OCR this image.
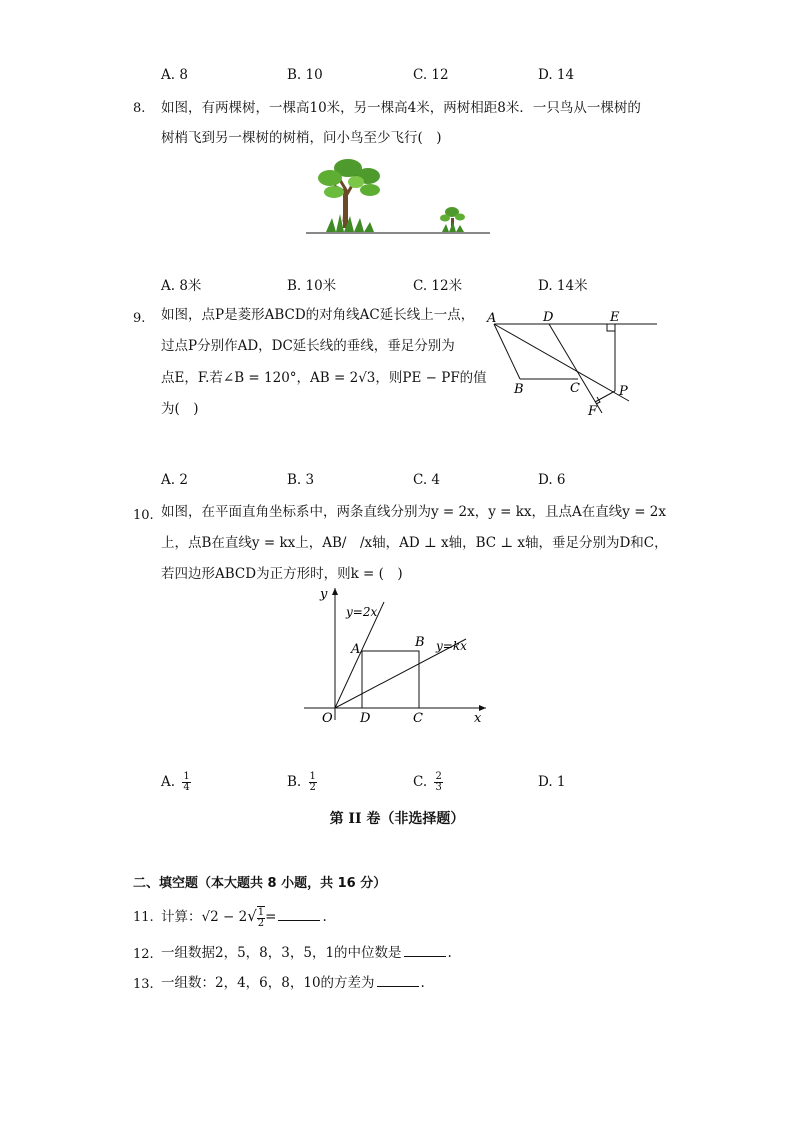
A. 8	B. 10	C. 12	D. 14
8. 如图，有两棵树，一棵高10米，另一棵高4米，两树相距8米．一只鸟从一棵树的
树梢飞到另一棵树的树梢，问小鸟至少飞行(　)
A. 8米	B. 10米	C. 12米	D. 14米
9. 如图，点P是菱形ABCD的对角线AC延长线上一点，
过点P分别作AD，DC延长线的垂线，垂足分别为
点E，F.若∠B = 120°，AB = 2√3，则PE − PF的值
为(　)
A	D	E
B	C	P
F
A. 2	B. 3	C. 4	D. 6
10. 如图，在平面直角坐标系中，两条直线分别为y = 2x，y = kx，且点A在直线y = 2x
上，点B在直线y = kx上，AB/　/x轴，AD ⊥ x轴，BC ⊥ x轴，垂足分别为D和C，
若四边形ABCD为正方形时，则k = (　)
y
x
O D	C
A	B
y=2x
y=kx
A. $\frac{1}{4}$	B. $\frac{1}{2}$	C. $\frac{2}{3}$	D. 1
第 II 卷（非选择题）
二、填空题（本大题共 8 小题，共 16 分）
11. 计算：$√2 - 2√ \frac{1}{2}$ =	.
12. 一组数据2，5，8，3，5，1的中位数是	.
13. 一组数：2，4，6，8，10的方差为	.
